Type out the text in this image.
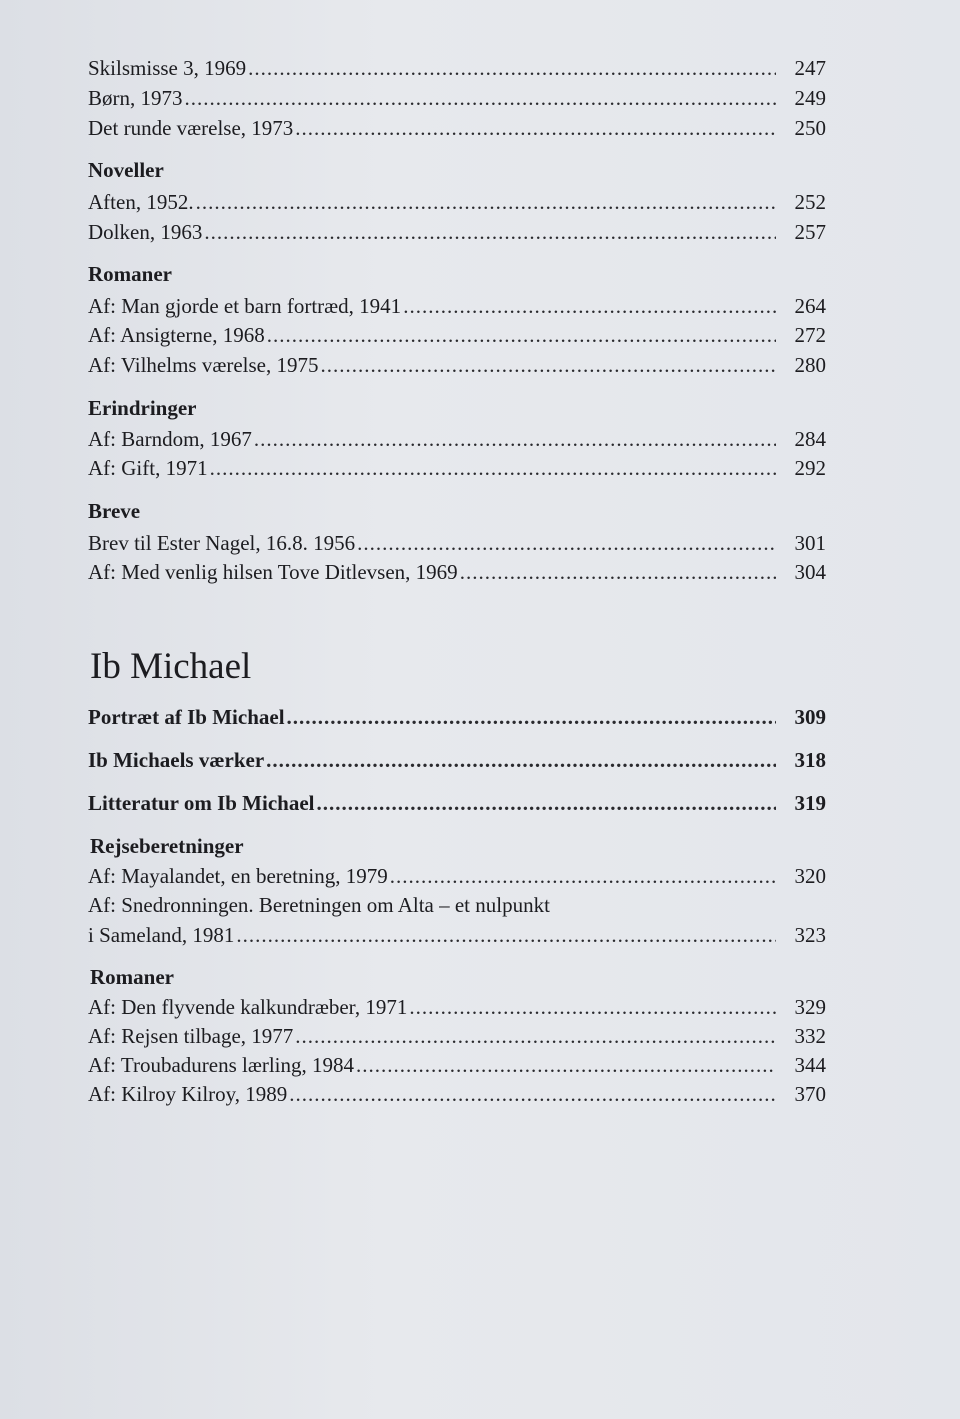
Skilsmisse 3, 1969 .....	247
Børn, 1973 .....	249
Det runde værelse, 1973 .....	250
Noveller
Aften, 1952. .....	252
Dolken, 1963 .....	257
Romaner
Af: Man gjorde et barn fortræd, 1941 .....	264
Af: Ansigterne, 1968 .....	272
Af: Vilhelms værelse, 1975 .....	280
Erindringer
Af: Barndom, 1967 .....	284
Af: Gift, 1971 .....	292
Breve
Brev til Ester Nagel, 16.8. 1956 .....	301
Af: Med venlig hilsen Tove Ditlevsen, 1969 .....	304
Ib Michael
Portræt af Ib Michael .....	309
Ib Michaels værker .....	318
Litteratur om Ib Michael .....	319
Rejseberetninger
Af: Mayalandet, en beretning, 1979 .....	320
Af: Snedronningen. Beretningen om Alta – et nulpunkt
i Sameland, 1981 .....	323
Romaner
Af: Den flyvende kalkundræber, 1971 .....	329
Af: Rejsen tilbage, 1977 .....	332
Af: Troubadurens lærling, 1984 .....	344
Af: Kilroy Kilroy, 1989 .....	370
